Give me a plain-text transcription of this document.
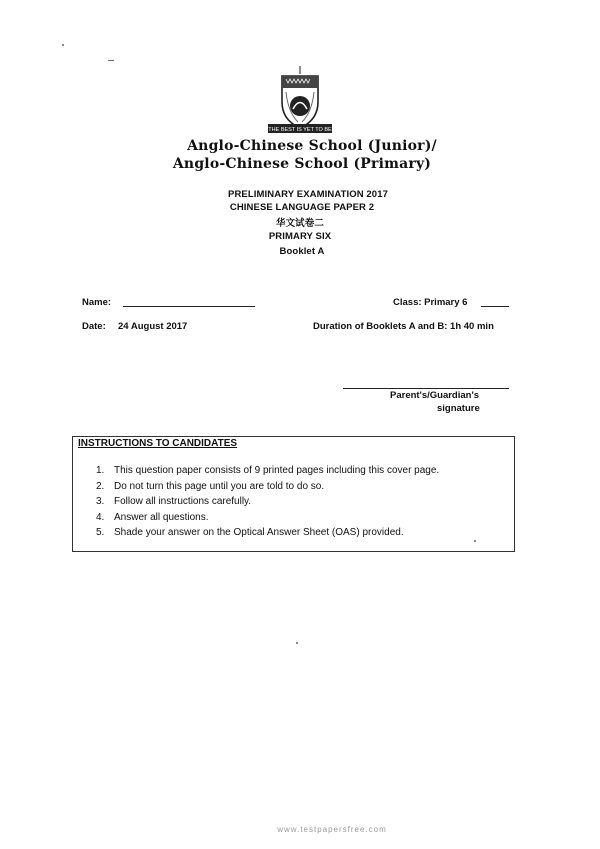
THE BEST IS YET TO BE
Anglo-Chinese School (Junior)/
Anglo-Chinese School (Primary)
PRELIMINARY EXAMINATION 2017
CHINESE LANGUAGE PAPER 2
华文试卷二
PRIMARY SIX
Booklet A
Name:	Class: Primary 6
Date: 24 August 2017	Duration of Booklets A and B: 1h 40 min
Parent's/Guardian's
signature
INSTRUCTIONS TO CANDIDATES
1. This question paper consists of 9 printed pages including this cover page.
2. Do not turn this page until you are told to do so.
3. Follow all instructions carefully.
4. Answer all questions.
5. Shade your answer on the Optical Answer Sheet (OAS) provided.
www.testpapersfree.com
